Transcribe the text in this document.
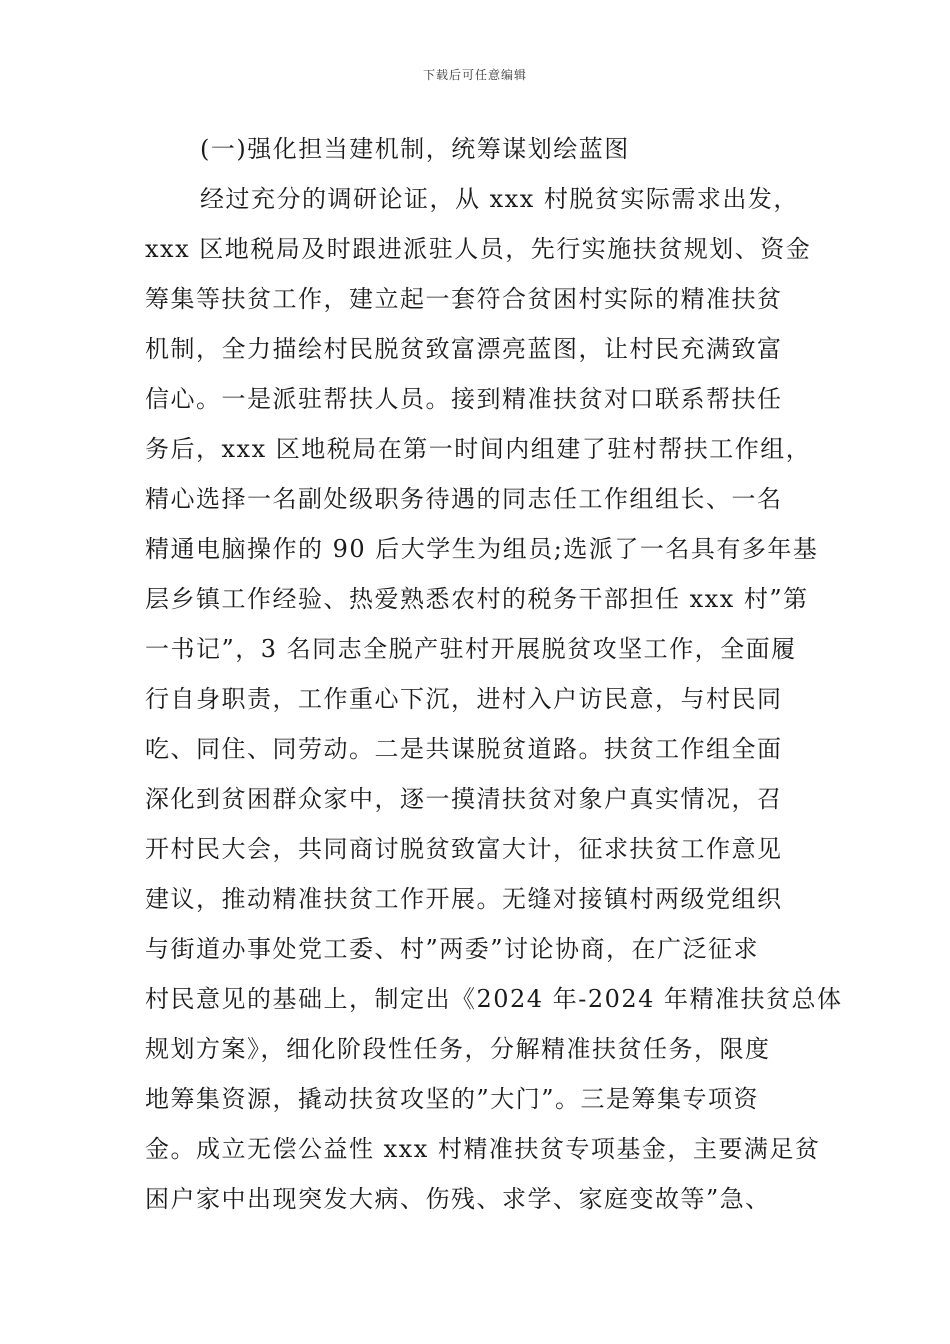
下载后可任意编辑
(一)强化担当建机制，统筹谋划绘蓝图
经过充分的调研论证，从 xxx 村脱贫实际需求出发，
xxx 区地税局及时跟进派驻人员，先行实施扶贫规划、资金
筹集等扶贫工作，建立起一套符合贫困村实际的精准扶贫
机制，全力描绘村民脱贫致富漂亮蓝图，让村民充满致富
信心。一是派驻帮扶人员。接到精准扶贫对口联系帮扶任
务后，xxx 区地税局在第一时间内组建了驻村帮扶工作组，
精心选择一名副处级职务待遇的同志任工作组组长、一名
精通电脑操作的 90 后大学生为组员;选派了一名具有多年基
层乡镇工作经验、热爱熟悉农村的税务干部担任 xxx 村”第
一书记”，3 名同志全脱产驻村开展脱贫攻坚工作，全面履
行自身职责，工作重心下沉，进村入户访民意，与村民同
吃、同住、同劳动。二是共谋脱贫道路。扶贫工作组全面
深化到贫困群众家中，逐一摸清扶贫对象户真实情况，召
开村民大会，共同商讨脱贫致富大计，征求扶贫工作意见
建议，推动精准扶贫工作开展。无缝对接镇村两级党组织
与街道办事处党工委、村”两委”讨论协商，在广泛征求
村民意见的基础上，制定出《2024 年-2024 年精准扶贫总体
规划方案》，细化阶段性任务，分解精准扶贫任务，限度
地筹集资源，撬动扶贫攻坚的”大门”。三是筹集专项资
金。成立无偿公益性 xxx 村精准扶贫专项基金，主要满足贫
困户家中出现突发大病、伤残、求学、家庭变故等”急、
